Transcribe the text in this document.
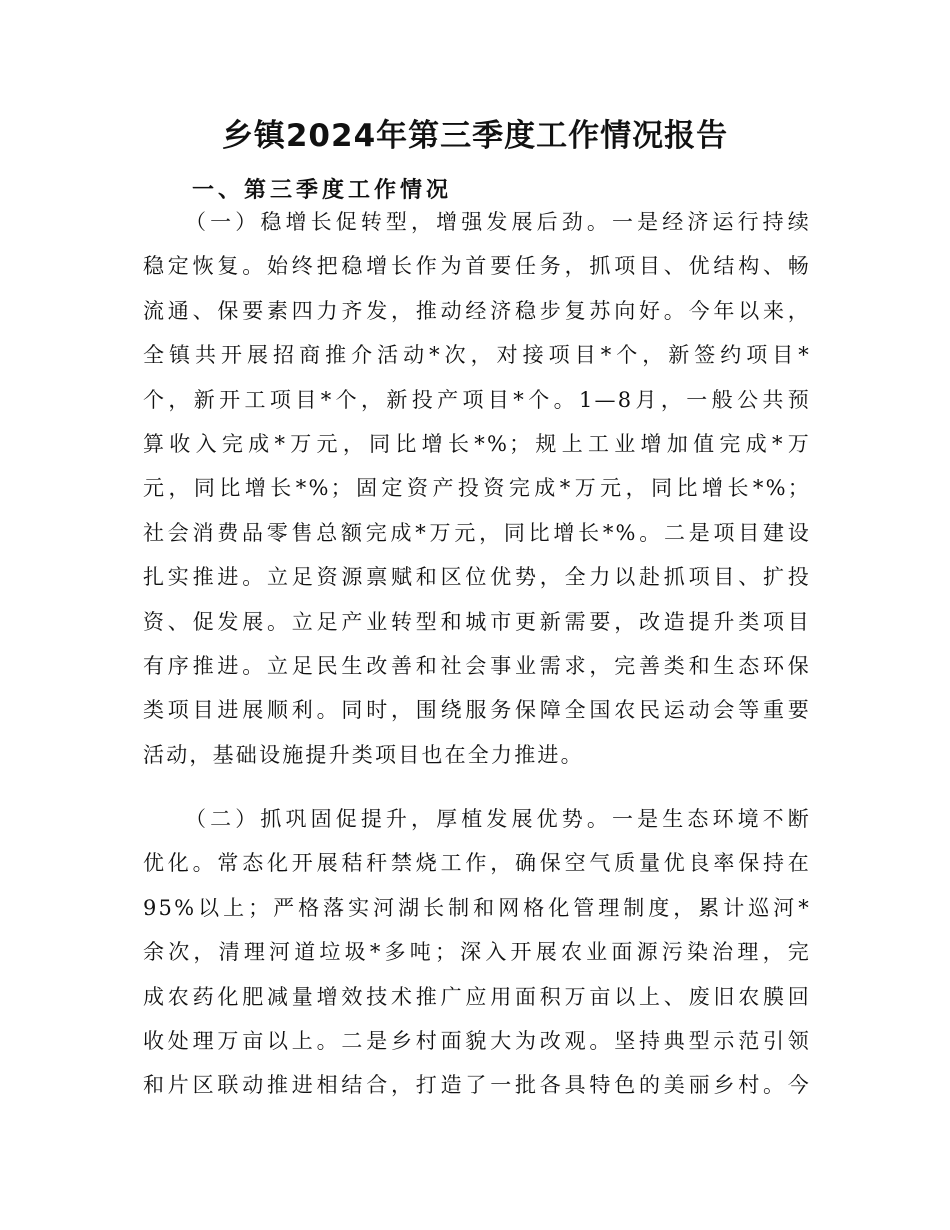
乡镇2024年第三季度工作情况报告
一、第三季度工作情况
（一）稳增长促转型，增强发展后劲。一是经济运行持续
稳定恢复。始终把稳增长作为首要任务，抓项目、优结构、畅
流通、保要素四力齐发，推动经济稳步复苏向好。今年以来，
全镇共开展招商推介活动*次，对接项目*个，新签约项目*
个，新开工项目*个，新投产项目*个。1—8月，一般公共预
算收入完成*万元，同比增长*%；规上工业增加值完成*万
元，同比增长*%；固定资产投资完成*万元，同比增长*%；
社会消费品零售总额完成*万元，同比增长*%。二是项目建设
扎实推进。立足资源禀赋和区位优势，全力以赴抓项目、扩投
资、促发展。立足产业转型和城市更新需要，改造提升类项目
有序推进。立足民生改善和社会事业需求，完善类和生态环保
类项目进展顺利。同时，围绕服务保障全国农民运动会等重要
活动，基础设施提升类项目也在全力推进。
（二）抓巩固促提升，厚植发展优势。一是生态环境不断
优化。常态化开展秸秆禁烧工作，确保空气质量优良率保持在
95%以上；严格落实河湖长制和网格化管理制度，累计巡河*
余次，清理河道垃圾*多吨；深入开展农业面源污染治理，完
成农药化肥减量增效技术推广应用面积万亩以上、废旧农膜回
收处理万亩以上。二是乡村面貌大为改观。坚持典型示范引领
和片区联动推进相结合，打造了一批各具特色的美丽乡村。今
